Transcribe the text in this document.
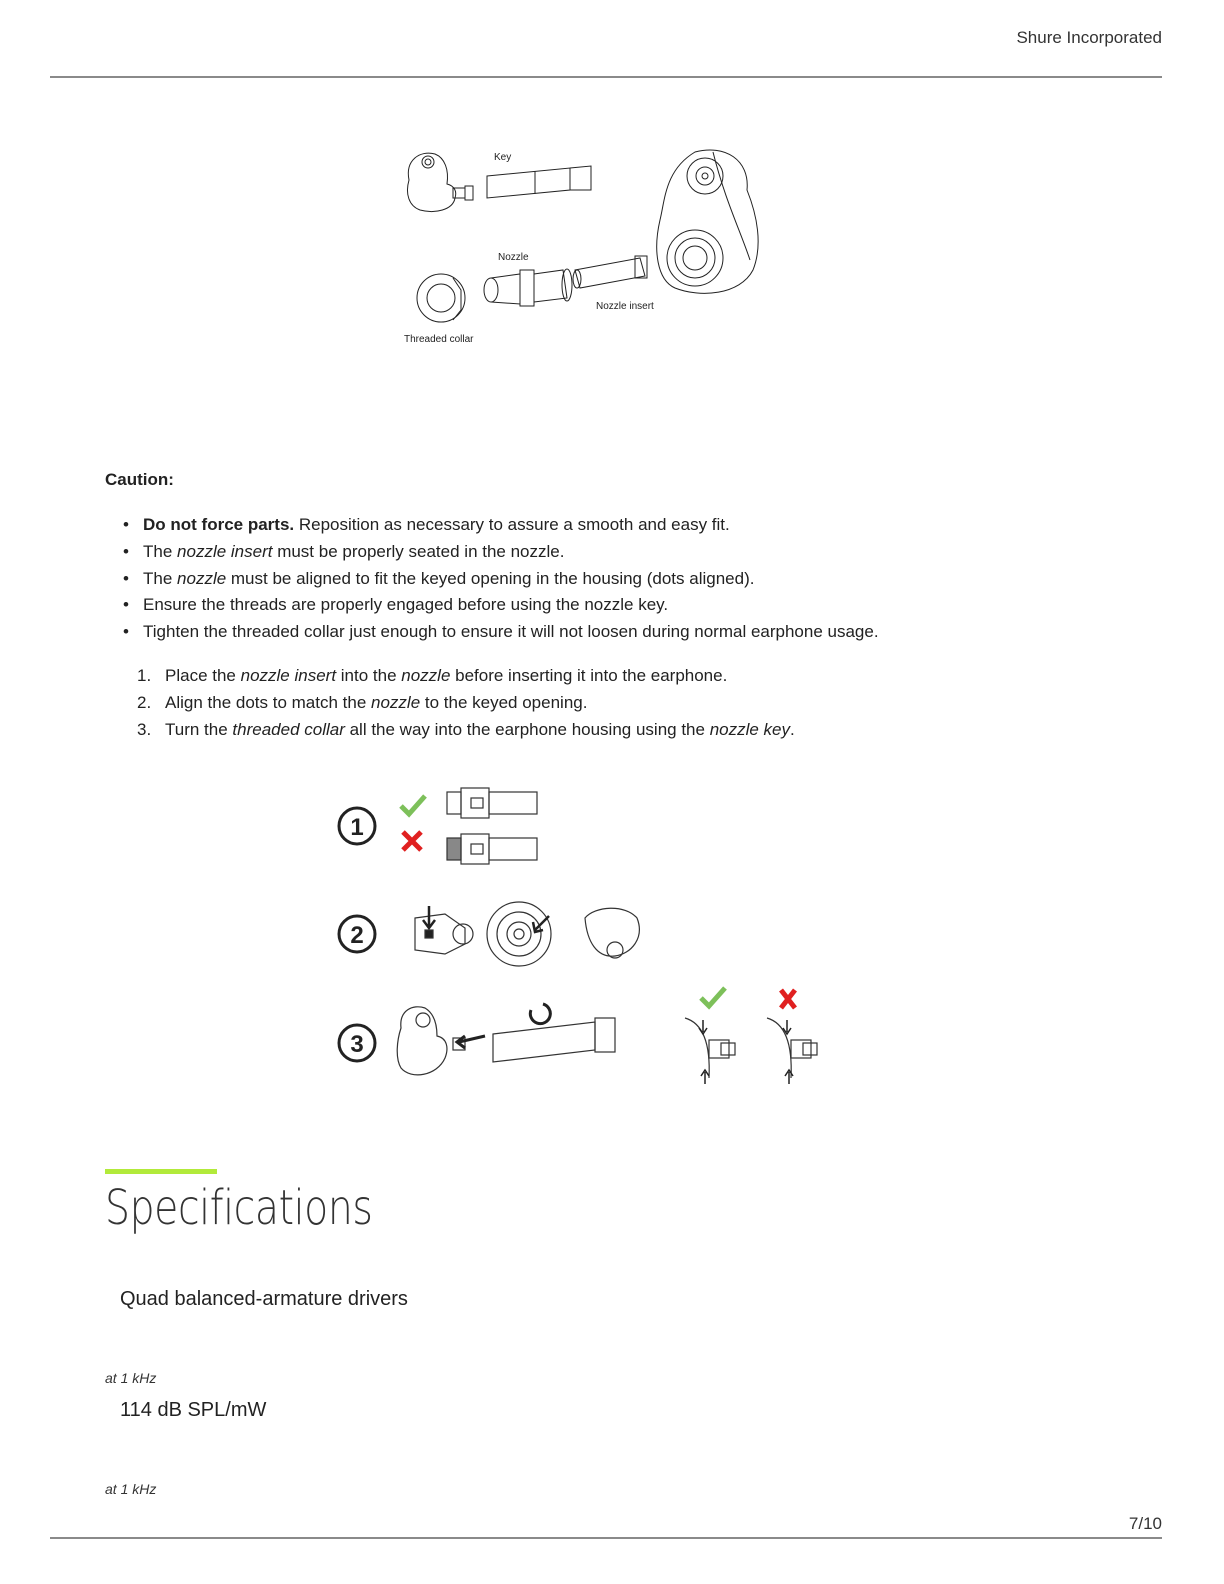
Shure Incorporated
Key
Nozzle
Nozzle insert
Threaded collar
Caution:
• Do not force parts. Reposition as necessary to assure a smooth and easy fit.
• The nozzle insert must be properly seated in the nozzle.
• The nozzle must be aligned to fit the keyed opening in the housing (dots aligned).
• Ensure the threads are properly engaged before using the nozzle key.
• Tighten the threaded collar just enough to ensure it will not loosen during normal earphone usage.
1. Place the nozzle insert into the nozzle before inserting it into the earphone.
2. Align the dots to match the nozzle to the keyed opening.
3. Turn the threaded collar all the way into the earphone housing using the nozzle key.
1
2
3
Specifications
Quad balanced-armature drivers
at 1 kHz
114 dB SPL/mW
at 1 kHz
7/10
